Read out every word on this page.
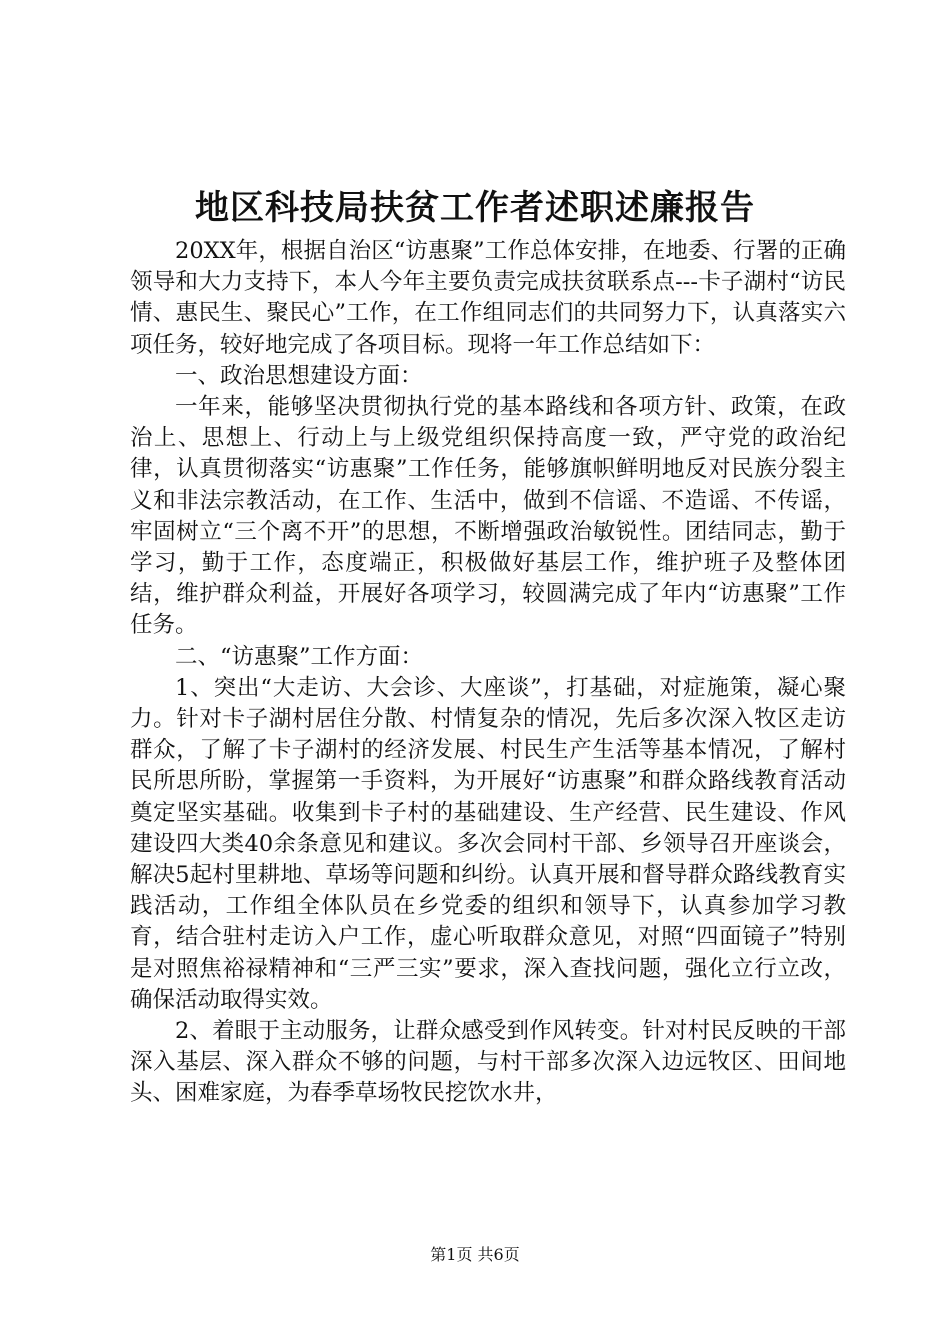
地区科技局扶贫工作者述职述廉报告

20XX年，根据自治区“访惠聚”工作总体安排，在地委、行署的正确领导和大力支持下，本人今年主要负责完成扶贫联系点---卡子湖村“访民情、惠民生、聚民心”工作，在工作组同志们的共同努力下，认真落实六项任务，较好地完成了各项目标。现将一年工作总结如下：

一、政治思想建设方面：

一年来，能够坚决贯彻执行党的基本路线和各项方针、政策，在政治上、思想上、行动上与上级党组织保持高度一致，严守党的政治纪律，认真贯彻落实“访惠聚”工作任务，能够旗帜鲜明地反对民族分裂主义和非法宗教活动，在工作、生活中，做到不信谣、不造谣、不传谣，牢固树立“三个离不开”的思想，不断增强政治敏锐性。团结同志，勤于学习，勤于工作，态度端正，积极做好基层工作，维护班子及整体团结，维护群众利益，开展好各项学习，较圆满完成了年内“访惠聚”工作任务。

二、“访惠聚”工作方面：

1、突出“大走访、大会诊、大座谈”，打基础，对症施策，凝心聚力。针对卡子湖村居住分散、村情复杂的情况，先后多次深入牧区走访群众，了解了卡子湖村的经济发展、村民生产生活等基本情况，了解村民所思所盼，掌握第一手资料，为开展好“访惠聚”和群众路线教育活动奠定坚实基础。收集到卡子村的基础建设、生产经营、民生建设、作风建设四大类40余条意见和建议。多次会同村干部、乡领导召开座谈会，解决5起村里耕地、草场等问题和纠纷。认真开展和督导群众路线教育实践活动，工作组全体队员在乡党委的组织和领导下，认真参加学习教育，结合驻村走访入户工作，虚心听取群众意见，对照“四面镜子”特别是对照焦裕禄精神和“三严三实”要求，深入查找问题，强化立行立改，确保活动取得实效。

2、着眼于主动服务，让群众感受到作风转变。针对村民反映的干部深入基层、深入群众不够的问题，与村干部多次深入边远牧区、田间地头、困难家庭，为春季草场牧民挖饮水井，

第1页 共6页
